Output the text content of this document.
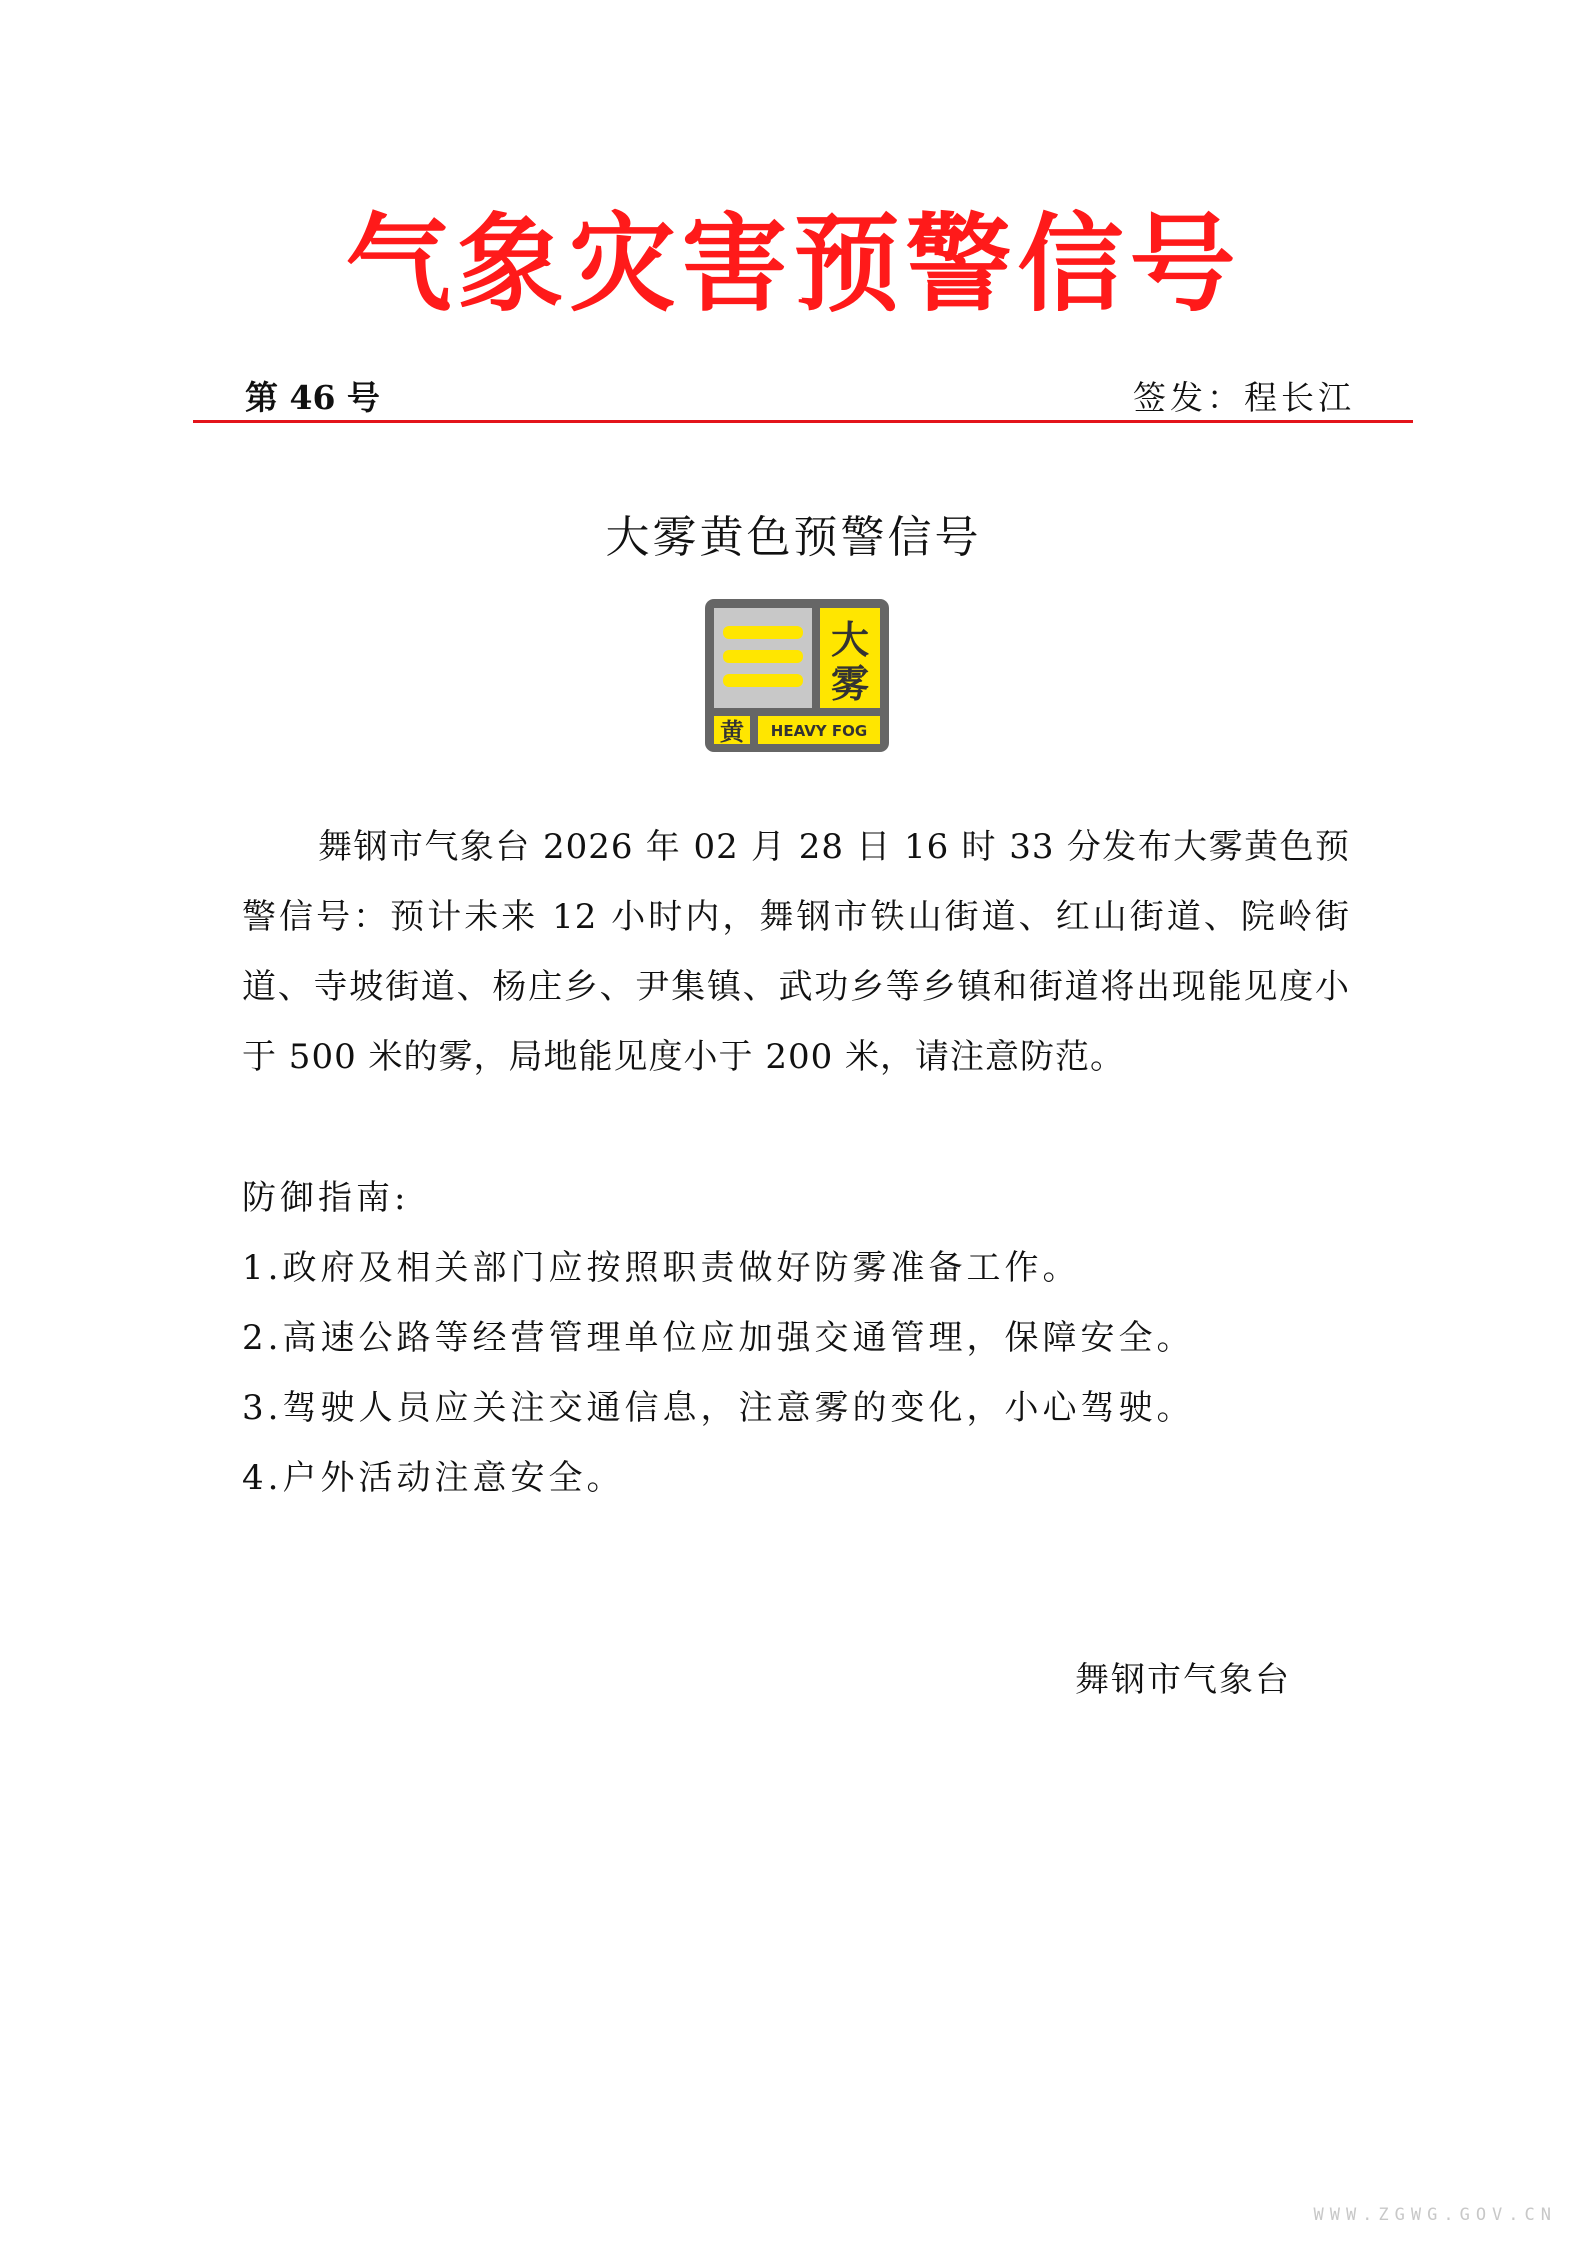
气象灾害预警信号
第 46 号	签发：程长江
大雾黄色预警信号
大
雾
黄 HEAVY FOG
舞钢市气象台 2026 年 02 月 28 日 16 时 33 分发布大雾黄色预警信号：预计未来 12 小时内，舞钢市铁山街道、红山街道、院岭街道、寺坡街道、杨庄乡、尹集镇、武功乡等乡镇和街道将出现能见度小于 500 米的雾，局地能见度小于 200 米，请注意防范。
防御指南:
1.政府及相关部门应按照职责做好防雾准备工作。
2.高速公路等经营管理单位应加强交通管理，保障安全。
3.驾驶人员应关注交通信息，注意雾的变化，小心驾驶。
4.户外活动注意安全。
舞钢市气象台
WWW.ZGWG.GOV.CN
